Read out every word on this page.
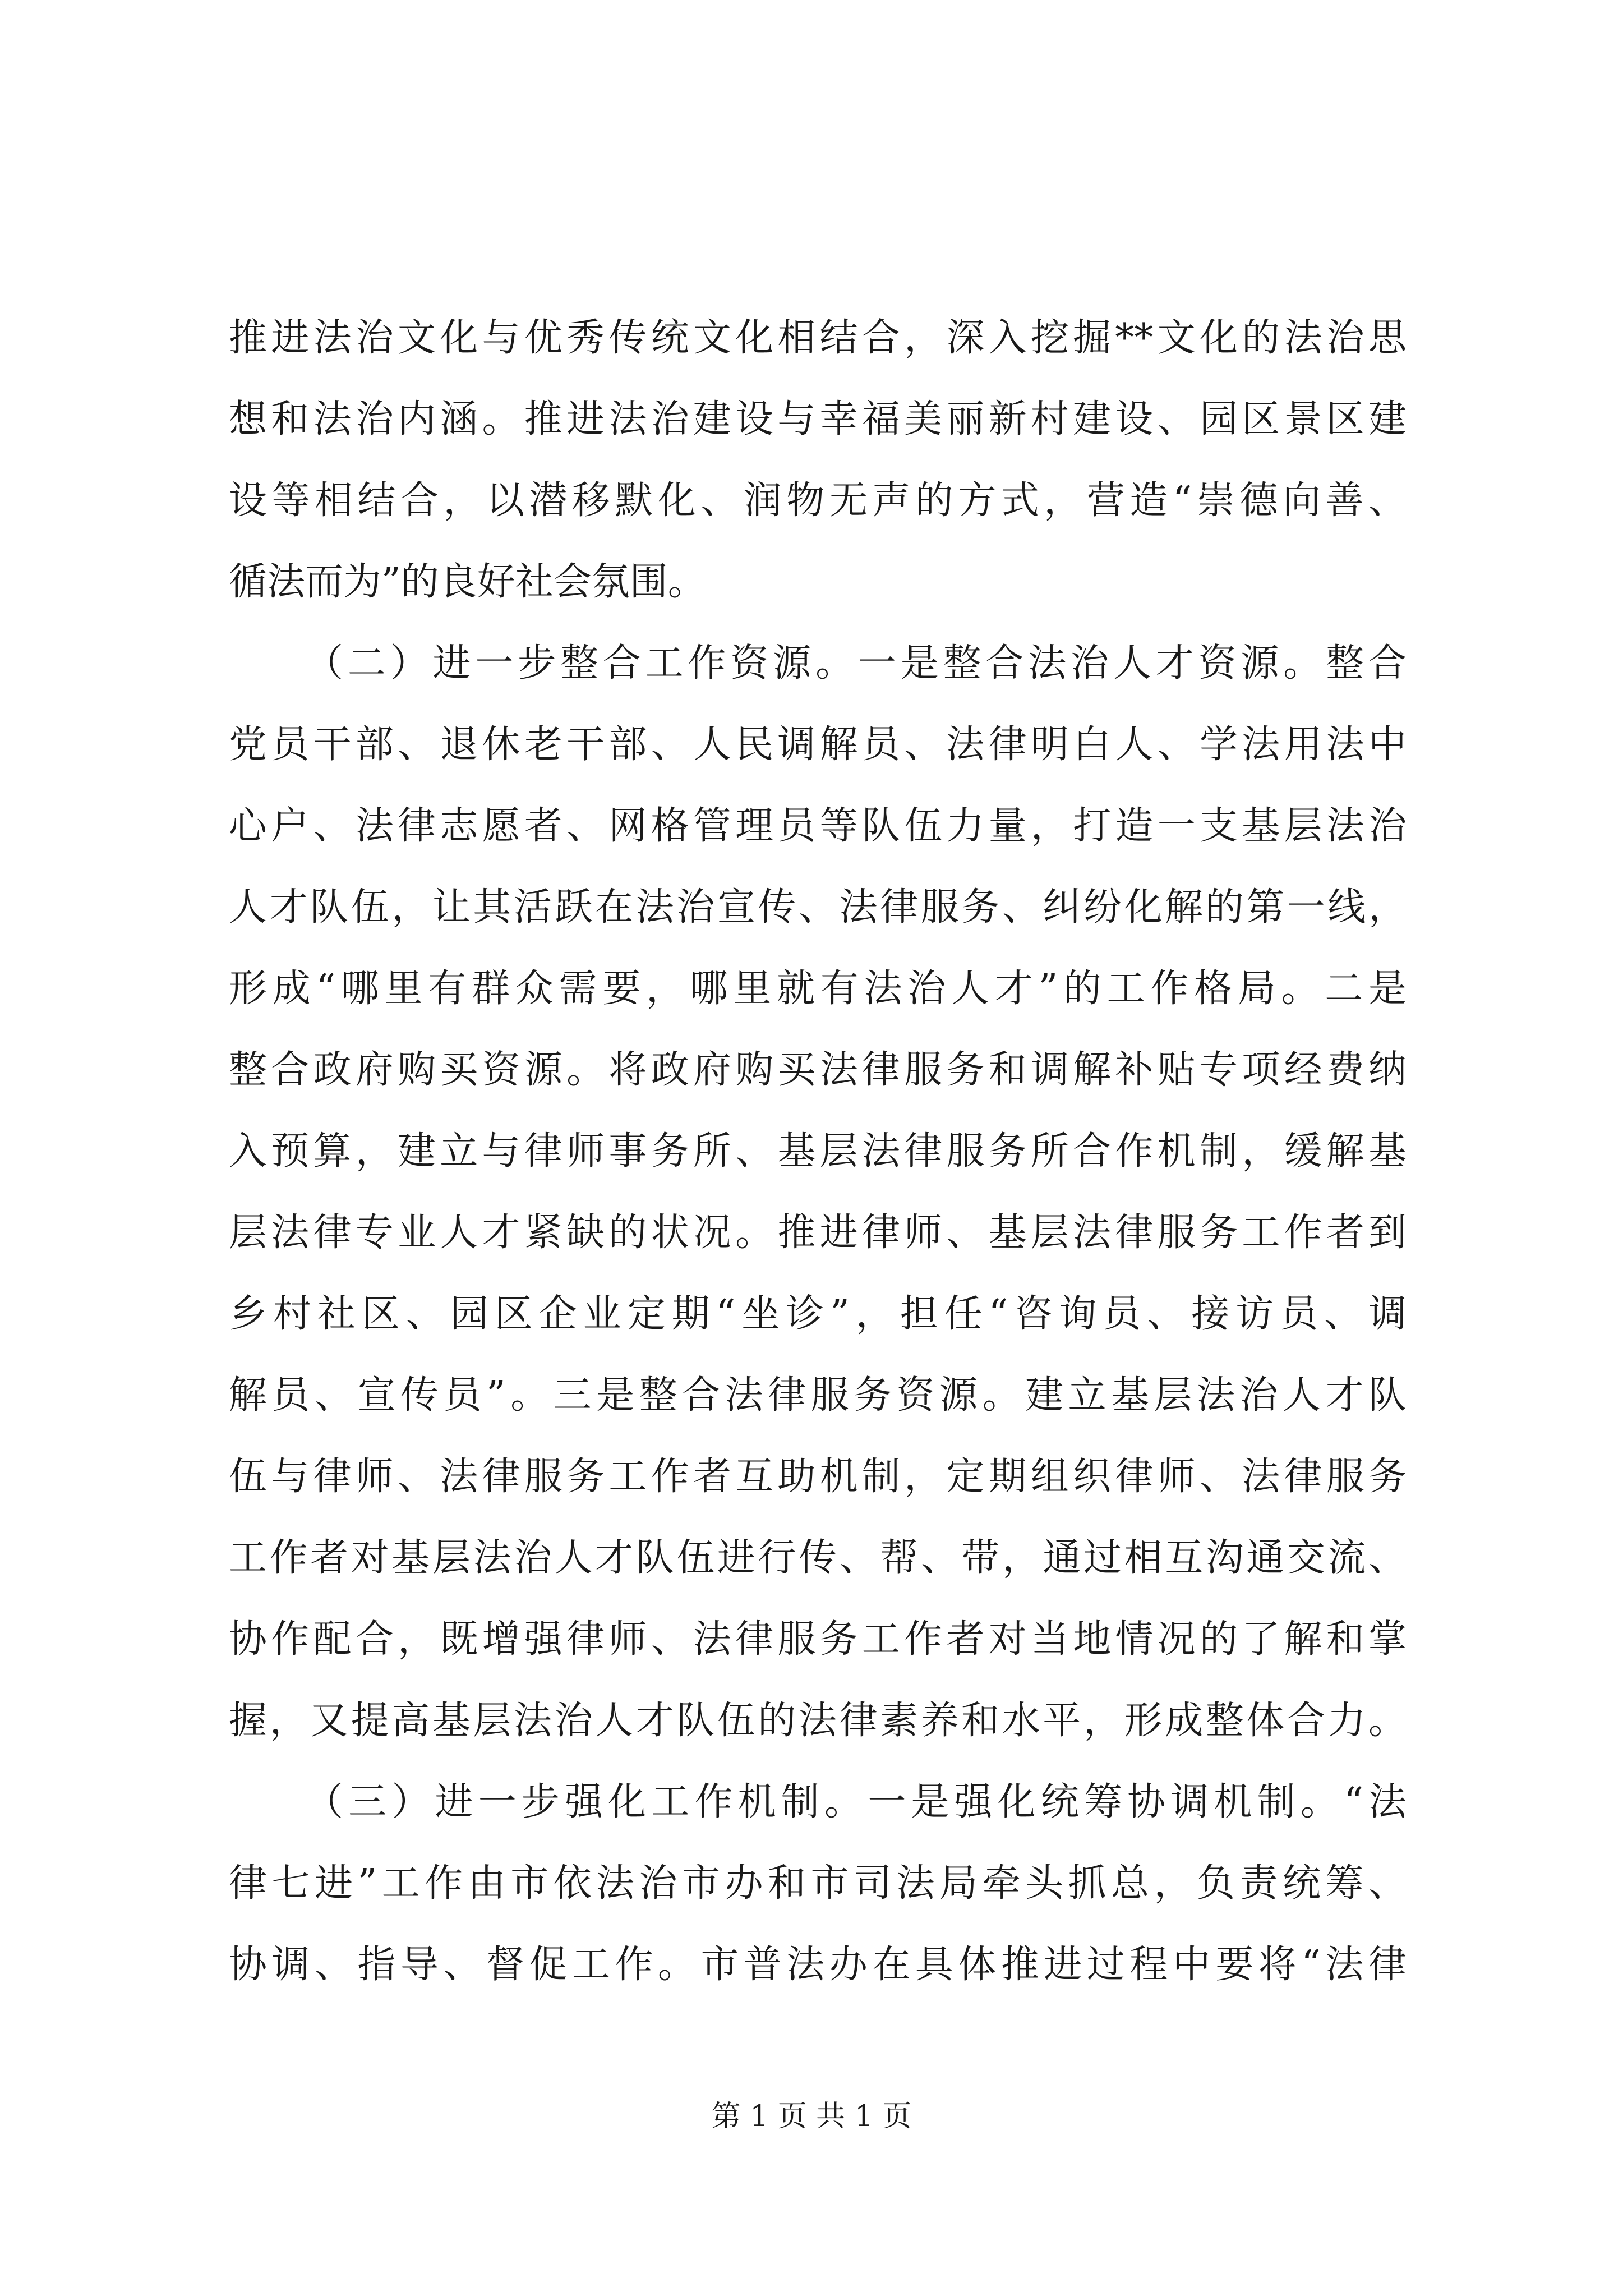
推进法治文化与优秀传统文化相结合，深入挖掘**文化的法治思
想和法治内涵。推进法治建设与幸福美丽新村建设、园区景区建
设等相结合，以潜移默化、润物无声的方式，营造“崇德向善、
循法而为”的良好社会氛围。
（二）进一步整合工作资源。一是整合法治人才资源。整合
党员干部、退休老干部、人民调解员、法律明白人、学法用法中
心户、法律志愿者、网格管理员等队伍力量，打造一支基层法治
人才队伍，让其活跃在法治宣传、法律服务、纠纷化解的第一线，
形成“哪里有群众需要，哪里就有法治人才”的工作格局。二是
整合政府购买资源。将政府购买法律服务和调解补贴专项经费纳
入预算，建立与律师事务所、基层法律服务所合作机制，缓解基
层法律专业人才紧缺的状况。推进律师、基层法律服务工作者到
乡村社区、园区企业定期“坐诊”，担任“咨询员、接访员、调
解员、宣传员”。三是整合法律服务资源。建立基层法治人才队
伍与律师、法律服务工作者互助机制，定期组织律师、法律服务
工作者对基层法治人才队伍进行传、帮、带，通过相互沟通交流、
协作配合，既增强律师、法律服务工作者对当地情况的了解和掌
握，又提高基层法治人才队伍的法律素养和水平，形成整体合力。
（三）进一步强化工作机制。一是强化统筹协调机制。“法
律七进”工作由市依法治市办和市司法局牵头抓总，负责统筹、
协调、指导、督促工作。市普法办在具体推进过程中要将“法律
第 1 页 共 1 页
